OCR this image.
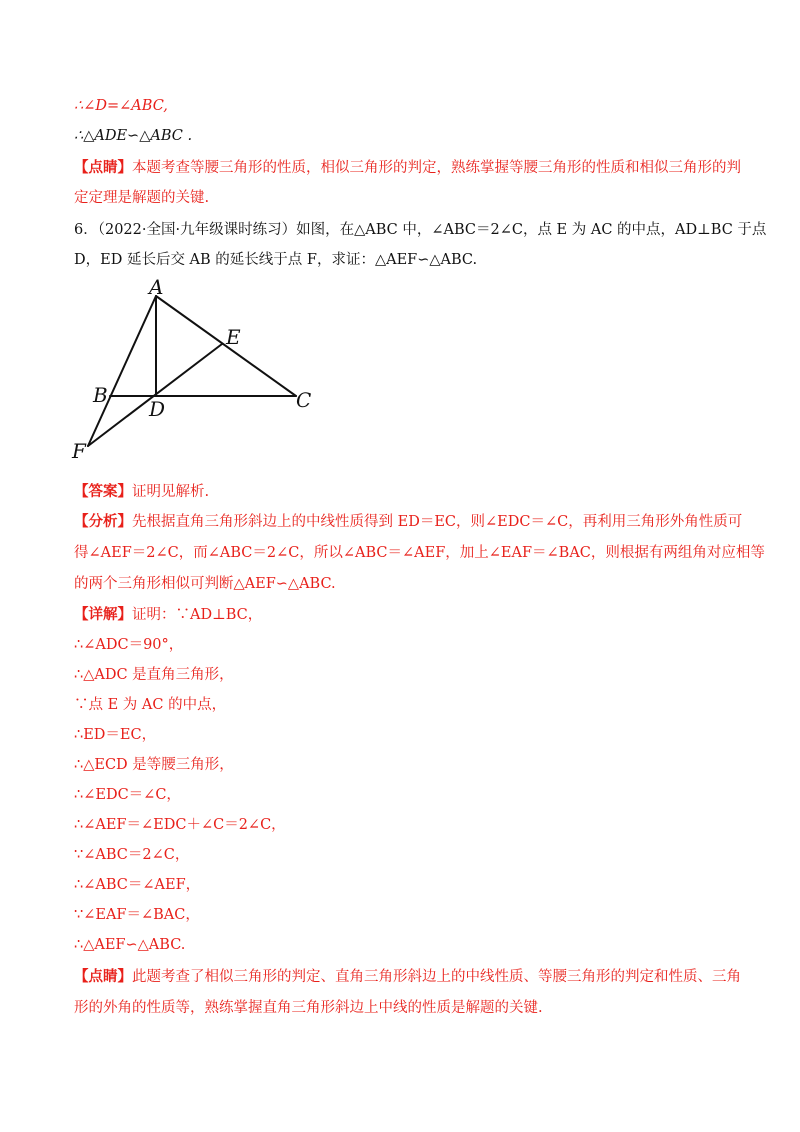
∴∠D=∠ABC,
∴△ADE∽△ABC .
【点睛】本题考查等腰三角形的性质，相似三角形的判定，熟练掌握等腰三角形的性质和相似三角形的判
定定理是解题的关键.
6．（2022·全国·九年级课时练习）如图，在△ABC 中，∠ABC＝2∠C，点 E 为 AC 的中点，AD⊥BC 于点
D，ED 延长后交 AB 的延长线于点 F，求证：△AEF∽△ABC.
A
E
B
D	C
F
【答案】证明见解析.
【分析】先根据直角三角形斜边上的中线性质得到 ED＝EC，则∠EDC＝∠C，再利用三角形外角性质可
得∠AEF＝2∠C，而∠ABC＝2∠C，所以∠ABC＝∠AEF，加上∠EAF＝∠BAC，则根据有两组角对应相等
的两个三角形相似可判断△AEF∽△ABC.
【详解】证明：∵AD⊥BC，
∴∠ADC＝90°，
∴△ADC 是直角三角形，
∵点 E 为 AC 的中点，
∴ED＝EC，
∴△ECD 是等腰三角形，
∴∠EDC＝∠C，
∴∠AEF＝∠EDC＋∠C＝2∠C，
∵∠ABC＝2∠C，
∴∠ABC＝∠AEF，
∵∠EAF＝∠BAC，
∴△AEF∽△ABC.
【点睛】此题考查了相似三角形的判定、直角三角形斜边上的中线性质、等腰三角形的判定和性质、三角
形的外角的性质等，熟练掌握直角三角形斜边上中线的性质是解题的关键.
